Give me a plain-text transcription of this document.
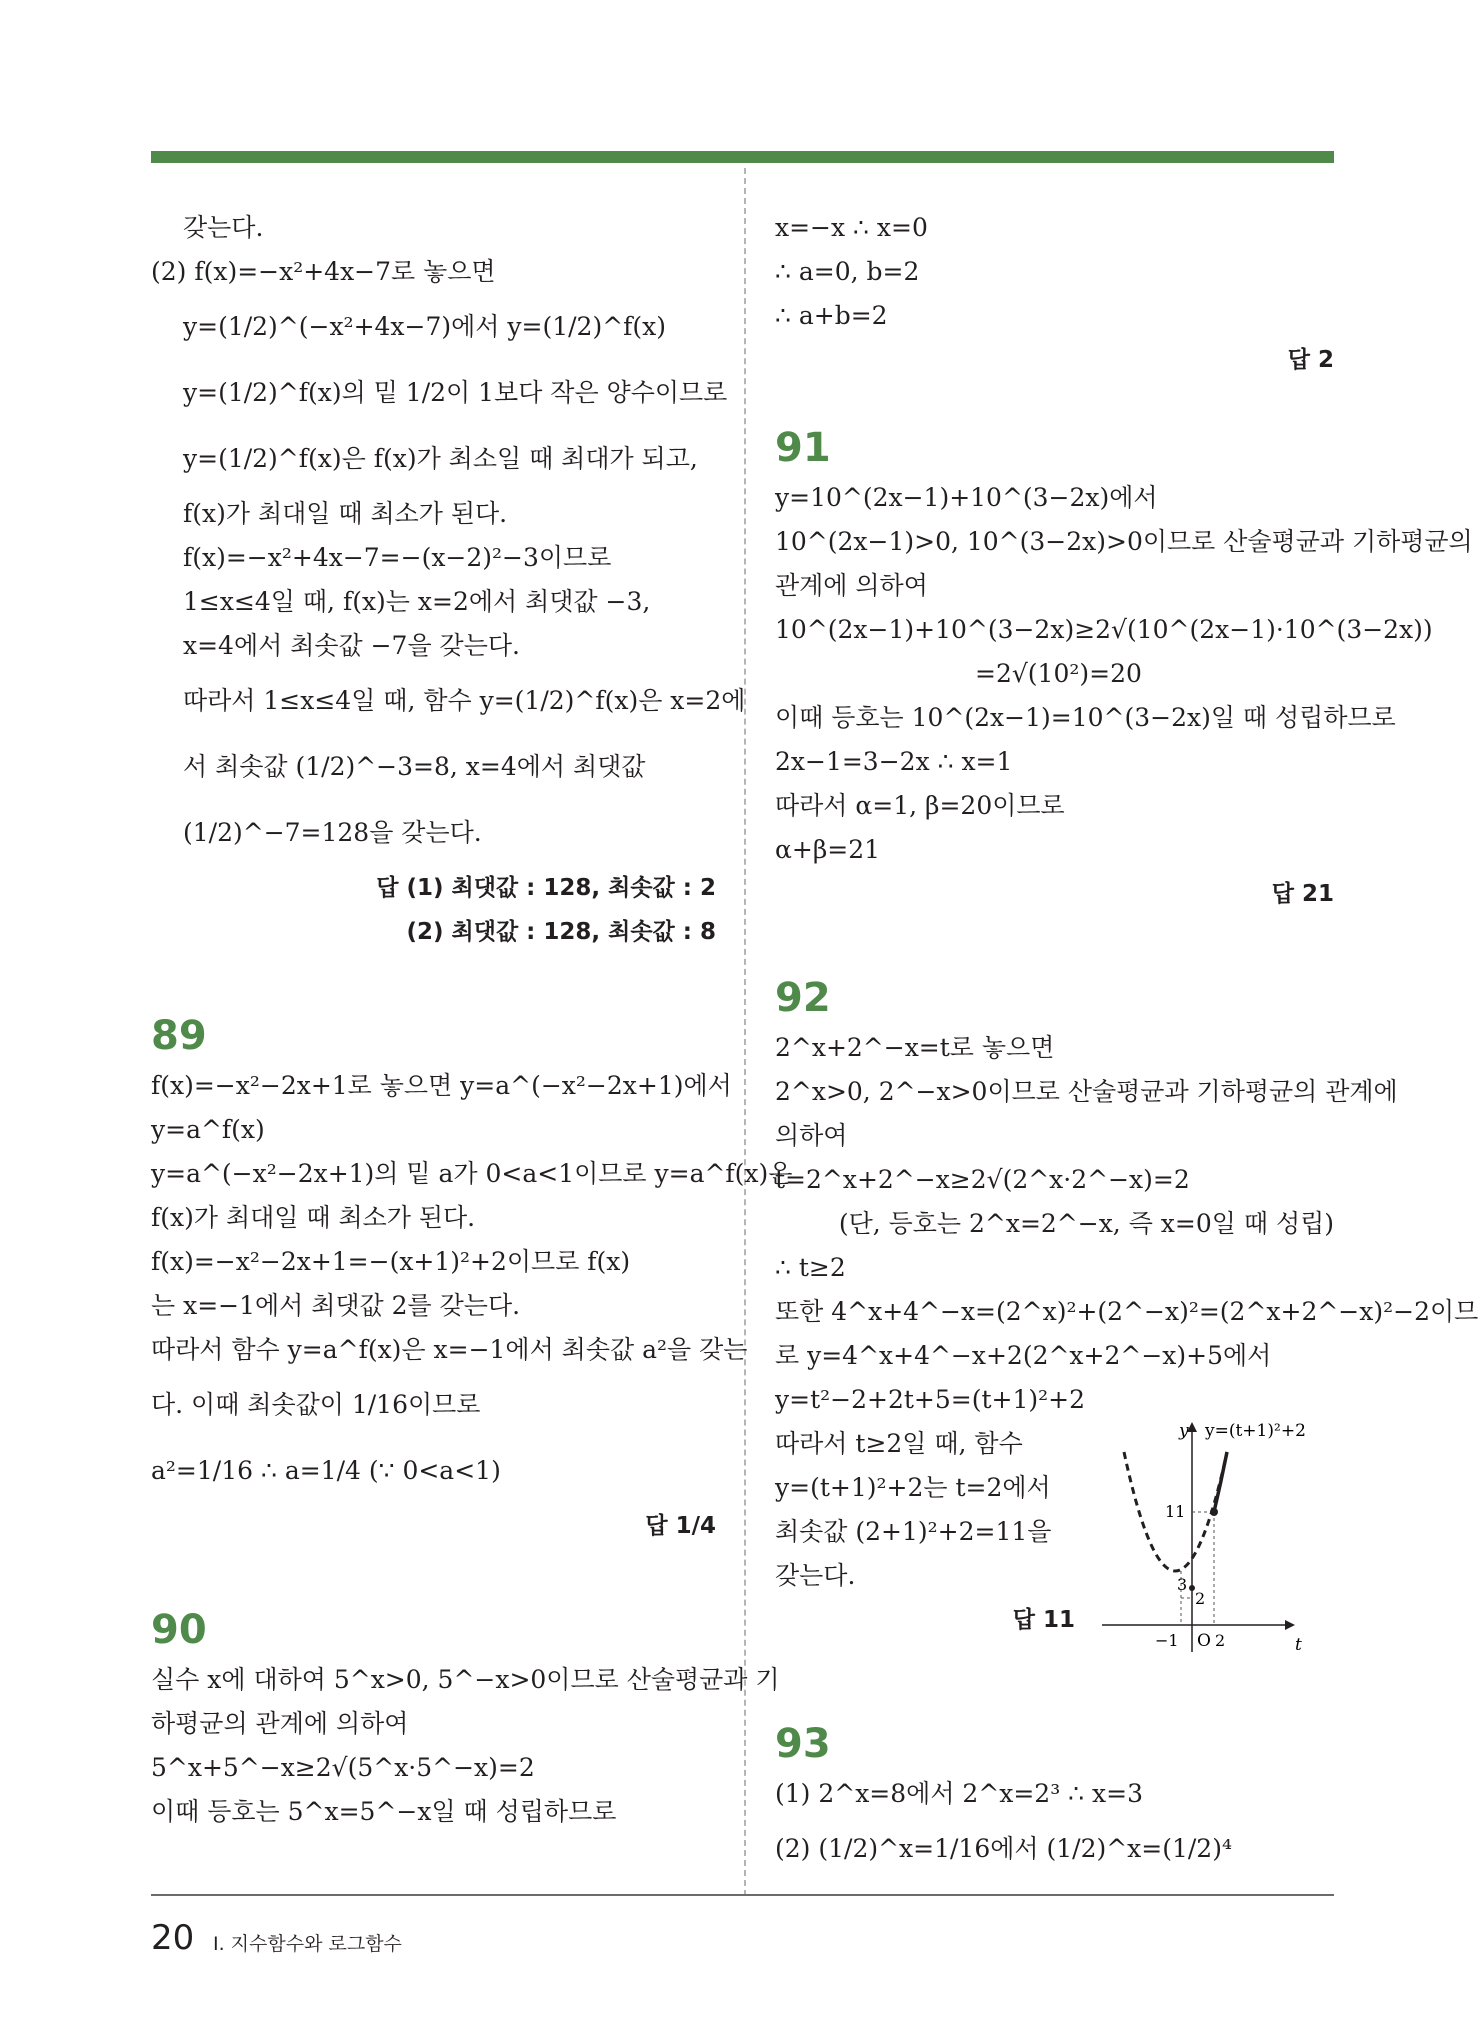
갖는다.
(2) f(x)=−x²+4x−7로 놓으면
y=(1/2)^(−x²+4x−7)에서 y=(1/2)^f(x)
y=(1/2)^f(x)의 밑 1/2이 1보다 작은 양수이므로
y=(1/2)^f(x)은 f(x)가 최소일 때 최대가 되고,
f(x)가 최대일 때 최소가 된다.
f(x)=−x²+4x−7=−(x−2)²−3이므로
1≤x≤4일 때, f(x)는 x=2에서 최댓값 −3,
x=4에서 최솟값 −7을 갖는다.
따라서 1≤x≤4일 때, 함수 y=(1/2)^f(x)은 x=2에
서 최솟값 (1/2)^−3=8, x=4에서 최댓값
(1/2)^−7=128을 갖는다.
답 (1) 최댓값 : 128, 최솟값 : 2
(2) 최댓값 : 128, 최솟값 : 8
89
f(x)=−x²−2x+1로 놓으면 y=a^(−x²−2x+1)에서
y=a^f(x)
y=a^(−x²−2x+1)의 밑 a가 0<a<1이므로 y=a^f(x)은
f(x)가 최대일 때 최소가 된다.
f(x)=−x²−2x+1=−(x+1)²+2이므로 f(x)
는 x=−1에서 최댓값 2를 갖는다.
따라서 함수 y=a^f(x)은 x=−1에서 최솟값 a²을 갖는
다. 이때 최솟값이 1/16이므로
a²=1/16 ∴ a=1/4 (∵ 0<a<1)
답 1/4
90
실수 x에 대하여 5^x>0, 5^−x>0이므로 산술평균과 기
하평균의 관계에 의하여
5^x+5^−x≥2√(5^x·5^−x)=2
이때 등호는 5^x=5^−x일 때 성립하므로
x=−x ∴ x=0
∴ a=0, b=2
∴ a+b=2
답 2
91
y=10^(2x−1)+10^(3−2x)에서
10^(2x−1)>0, 10^(3−2x)>0이므로 산술평균과 기하평균의
관계에 의하여
10^(2x−1)+10^(3−2x)≥2√(10^(2x−1)·10^(3−2x))
=2√(10²)=20
이때 등호는 10^(2x−1)=10^(3−2x)일 때 성립하므로
2x−1=3−2x ∴ x=1
따라서 α=1, β=20이므로
α+β=21
답 21
92
2^x+2^−x=t로 놓으면
2^x>0, 2^−x>0이므로 산술평균과 기하평균의 관계에
의하여
t=2^x+2^−x≥2√(2^x·2^−x)=2
(단, 등호는 2^x=2^−x, 즉 x=0일 때 성립)
∴ t≥2
또한 4^x+4^−x=(2^x)²+(2^−x)²=(2^x+2^−x)²−2이므
로 y=4^x+4^−x+2(2^x+2^−x)+5에서
y=t²−2+2t+5=(t+1)²+2
따라서 t≥2일 때, 함수
y=(t+1)²+2는 t=2에서
최솟값 (2+1)²+2=11을
갖는다.
답 11
y y=(t+1)²+2
t
O
11
3
2
−1 2
93
(1) 2^x=8에서 2^x=2³ ∴ x=3
(2) (1/2)^x=1/16에서 (1/2)^x=(1/2)⁴
20 Ⅰ. 지수함수와 로그함수
